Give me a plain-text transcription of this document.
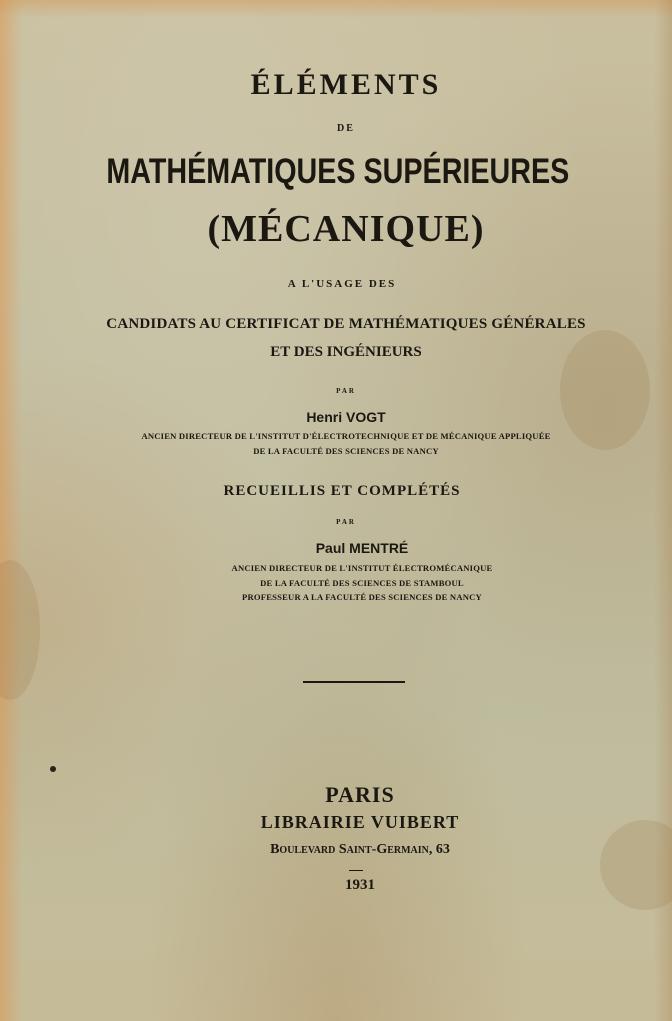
ÉLÉMENTS
DE
MATHÉMATIQUES SUPÉRIEURES
(MÉCANIQUE)
A L'USAGE DES
CANDIDATS AU CERTIFICAT DE MATHÉMATIQUES GÉNÉRALES
ET DES INGÉNIEURS
PAR
Henri VOGT
ANCIEN DIRECTEUR DE L'INSTITUT D'ÉLECTROTECHNIQUE ET DE MÉCANIQUE APPLIQUÉE
DE LA FACULTÉ DES SCIENCES DE NANCY
RECUEILLIS ET COMPLÉTÉS
PAR
Paul MENTRÉ
ANCIEN DIRECTEUR DE L'INSTITUT ÉLECTROMÉCANIQUE
DE LA FACULTÉ DES SCIENCES DE STAMBOUL
PROFESSEUR A LA FACULTÉ DES SCIENCES DE NANCY
PARIS
LIBRAIRIE VUIBERT
Boulevard Saint-Germain, 63
1931
